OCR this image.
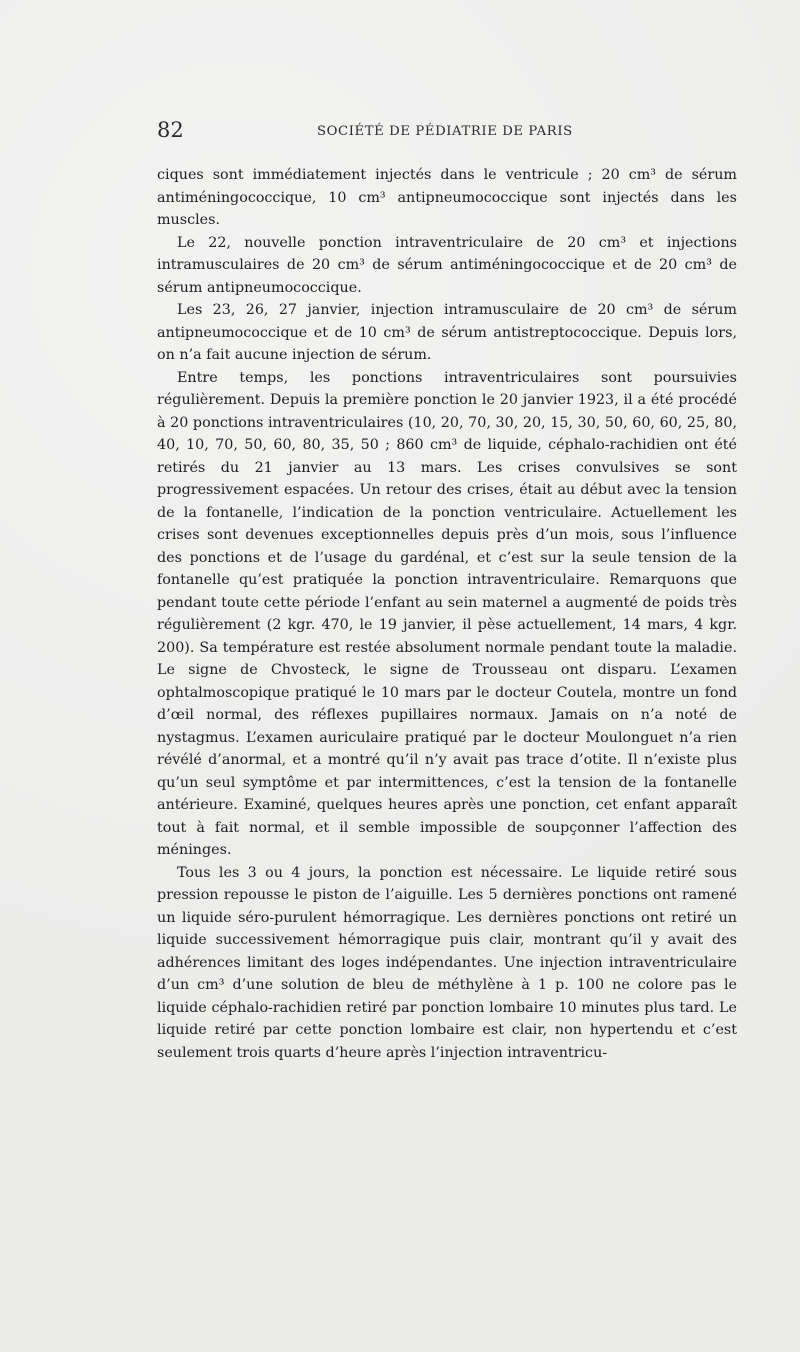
82	SOCIÉTÉ DE PÉDIATRIE DE PARIS

ciques sont immédiatement injectés dans le ventricule ; 20 cm³ de sérum antiméningococcique, 10 cm³ antipneumococcique sont injectés dans les muscles.

Le 22, nouvelle ponction intraventriculaire de 20 cm³ et injections intramusculaires de 20 cm³ de sérum antiméningococcique et de 20 cm³ de sérum antipneumococcique.

Les 23, 26, 27 janvier, injection intramusculaire de 20 cm³ de sérum antipneumococcique et de 10 cm³ de sérum antistreptococcique. Depuis lors, on n’a fait aucune injection de sérum.

Entre temps, les ponctions intraventriculaires sont poursuivies régulièrement. Depuis la première ponction le 20 janvier 1923, il a été procédé à 20 ponctions intraventriculaires (10, 20, 70, 30, 20, 15, 30, 50, 60, 60, 25, 80, 40, 10, 70, 50, 60, 80, 35, 50 ; 860 cm³ de liquide, céphalo-rachidien ont été retirés du 21 janvier au 13 mars. Les crises convulsives se sont progressivement espacées. Un retour des crises, était au début avec la tension de la fontanelle, l’indication de la ponction ventriculaire. Actuellement les crises sont devenues exceptionnelles depuis près d’un mois, sous l’influence des ponctions et de l’usage du gardénal, et c’est sur la seule tension de la fontanelle qu’est pratiquée la ponction intraventriculaire. Remarquons que pendant toute cette période l’enfant au sein maternel a augmenté de poids très régulièrement (2 kgr. 470, le 19 janvier, il pèse actuellement, 14 mars, 4 kgr. 200). Sa température est restée absolument normale pendant toute la maladie. Le signe de Chvosteck, le signe de Trousseau ont disparu. L’examen ophtalmoscopique pratiqué le 10 mars par le docteur Coutela, montre un fond d’œil normal, des réflexes pupillaires normaux. Jamais on n’a noté de nystagmus. L’examen auriculaire pratiqué par le docteur Moulonguet n’a rien révélé d’anormal, et a montré qu’il n’y avait pas trace d’otite. Il n’existe plus qu’un seul symptôme et par intermittences, c’est la tension de la fontanelle antérieure. Examiné, quelques heures après une ponction, cet enfant apparaît tout à fait normal, et il semble impossible de soupçonner l’affection des méninges.

Tous les 3 ou 4 jours, la ponction est nécessaire. Le liquide retiré sous pression repousse le piston de l’aiguille. Les 5 dernières ponctions ont ramené un liquide séro-purulent hémorragique. Les dernières ponctions ont retiré un liquide successivement hémorragique puis clair, montrant qu’il y avait des adhérences limitant des loges indépendantes. Une injection intraventriculaire d’un cm³ d’une solution de bleu de méthylène à 1 p. 100 ne colore pas le liquide céphalo-rachidien retiré par ponction lombaire 10 minutes plus tard. Le liquide retiré par cette ponction lombaire est clair, non hypertendu et c’est seulement trois quarts d’heure après l’injection intraventricu-
